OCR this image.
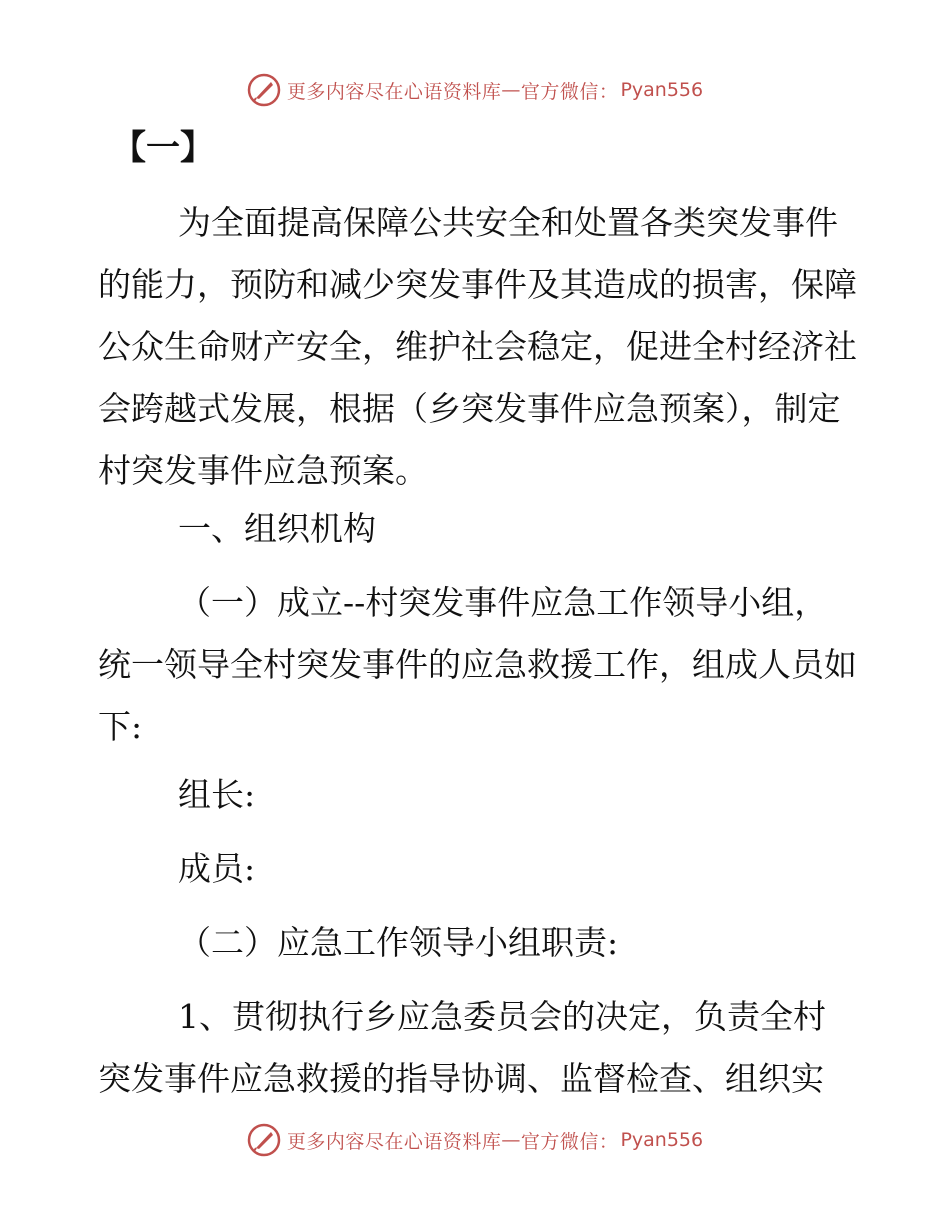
更多内容尽在心语资料库 — 官方微信： Pyan556
【一】

为全面提高保障公共安全和处置各类突发事件的能力，预防和减少突发事件及其造成的损害，保障公众生命财产安全，维护社会稳定，促进全村经济社会跨越式发展，根据（乡突发事件应急预案），制定村突发事件应急预案。

一、组织机构

（一）成立--村突发事件应急工作领导小组，统一领导全村突发事件的应急救援工作，组成人员如下:

组长:

成员:

（二）应急工作领导小组职责:

1、贯彻执行乡应急委员会的决定，负责全村突发事件应急救援的指导协调、监督检查、组织实

更多内容尽在心语资料库 — 官方微信： Pyan556
